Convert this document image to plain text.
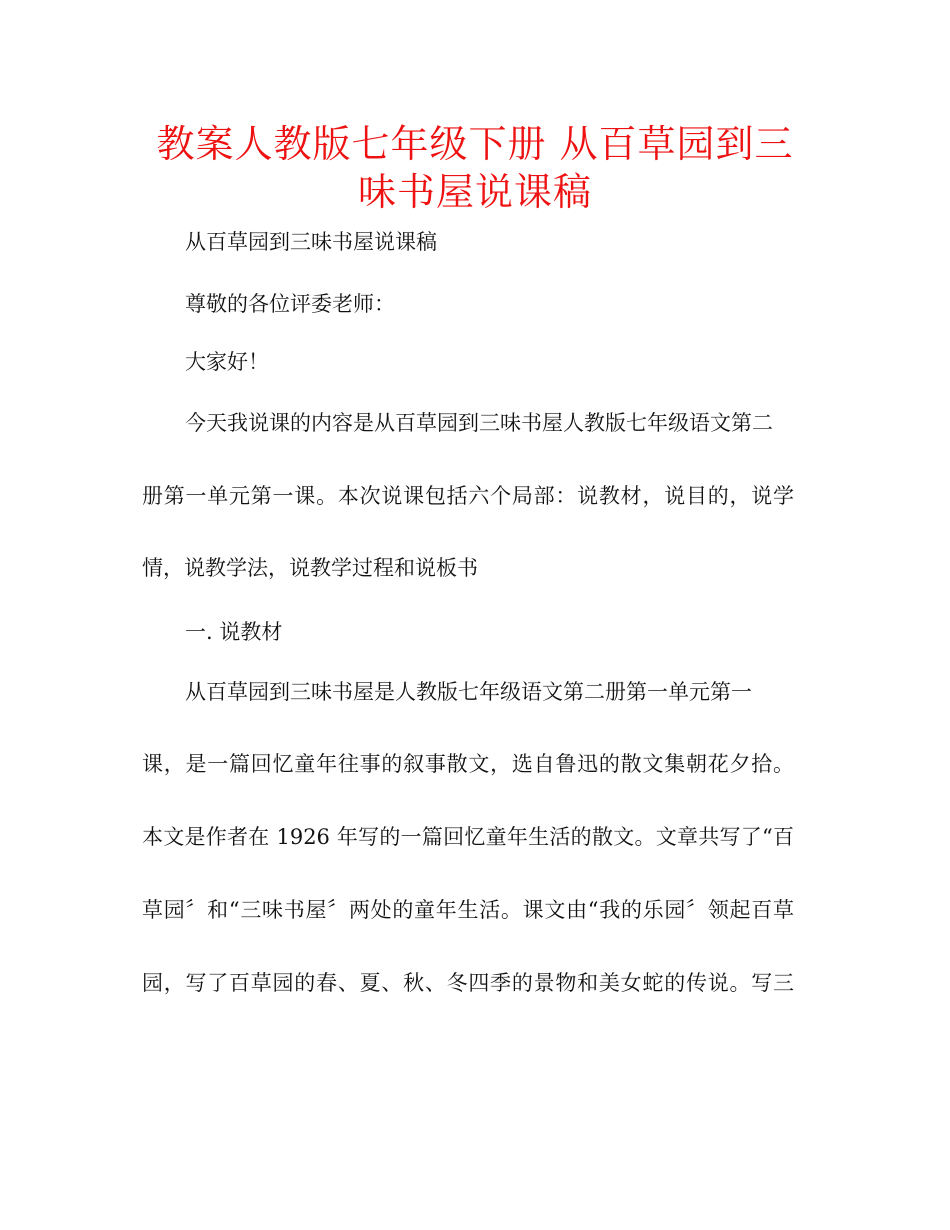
教案人教版七年级下册 从百草园到三味书屋说课稿

从百草园到三味书屋说课稿

尊敬的各位评委老师：

大家好！

今天我说课的内容是从百草园到三味书屋人教版七年级语文第二

册第一单元第一课。本次说课包括六个局部：说教材，说目的，说学

情，说教学法，说教学过程和说板书

一. 说教材

从百草园到三味书屋是人教版七年级语文第二册第一单元第一

课，是一篇回忆童年往事的叙事散文，选自鲁迅的散文集朝花夕拾。

本文是作者在 1926 年写的一篇回忆童年生活的散文。文章共写了“百

草园〞和“三味书屋〞两处的童年生活。课文由“我的乐园〞领起百草

园，写了百草园的春、夏、秋、冬四季的景物和美女蛇的传说。写三
